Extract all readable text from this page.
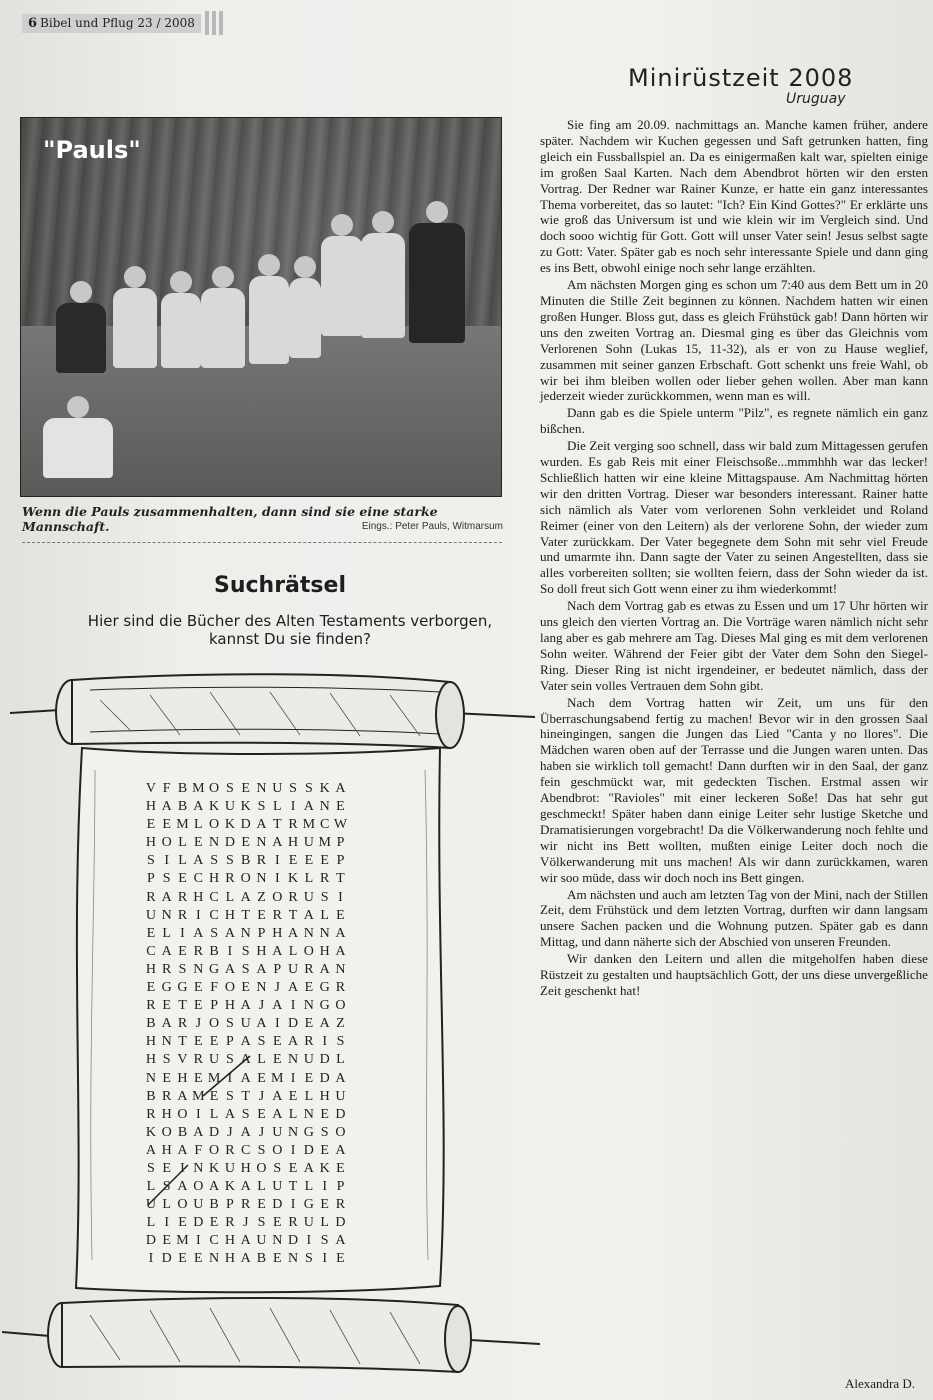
6 Bibel und Pflug 23 / 2008
"Pauls"
Wenn die Pauls zusammenhalten, dann sind sie eine starke Mannschaft.	Eings.: Peter Pauls, Witmarsum
Suchrätsel
Hier sind die Bücher des Alten Testaments verborgen,
kannst Du sie finden?
V F B M O S E N U S S K A
H A B A K U K S L I A N E
E E M L O K D A T R M C W
H O L E N D E N A H U M P
S I L A S S B R I E E E P
P S E C H R O N I K L R T
R A R H C L A Z O R U S I
U N R I C H T E R T A L E
E L I A S A N P H A N N A
C A E R B I S H A L O H A
H R S N G A S A P U R A N
E G G E F O E N J A E G R
R E T E P H A J A I N G O
B A R J O S U A I D E A Z
H N T E E P A S E A R I S
H S V R U S A L E N U D L
N E H E M I A E M I E D A
B R A M E S T J A E L H U
R H O I L A S E A L N E D
K O B A D J A J U N G S O
A H A F O R C S O I D E A
S E I N K U H O S E A K E
L S A O A K A L U T L I P
U L O U B P R E D I G E R
L I E D E R J S E R U L D
D E M I C H A U N D I S A
I D E E N H A B E N S I E
Minirüstzeit 2008
Uruguay

Sie fing am 20.09. nachmittags an. Manche kamen früher, andere später. Nachdem wir Kuchen gegessen und Saft getrunken hatten, fing gleich ein Fussballspiel an. Da es einigermaßen kalt war, spielten einige im großen Saal Karten. Nach dem Abendbrot hörten wir den ersten Vortrag. Der Redner war Rainer Kunze, er hatte ein ganz interessantes Thema vorbereitet, das so lautet: "Ich? Ein Kind Gottes?" Er erklärte uns wie groß das Universum ist und wie klein wir im Vergleich sind. Und doch sooo wichtig für Gott. Gott will unser Vater sein! Jesus selbst sagte zu Gott: Vater. Später gab es noch sehr interessante Spiele und dann ging es ins Bett, obwohl einige noch sehr lange erzählten.

Am nächsten Morgen ging es schon um 7:40 aus dem Bett um in 20 Minuten die Stille Zeit beginnen zu können. Nachdem hatten wir einen großen Hunger. Bloss gut, dass es gleich Frühstück gab! Dann hörten wir uns den zweiten Vortrag an. Diesmal ging es über das Gleichnis vom Verlorenen Sohn (Lukas 15, 11-32), als er von zu Hause weglief, zusammen mit seiner ganzen Erbschaft. Gott schenkt uns freie Wahl, ob wir bei ihm bleiben wollen oder lieber gehen wollen. Aber man kann jederzeit wieder zurückkommen, wenn man es will.

Dann gab es die Spiele unterm "Pilz", es regnete nämlich ein ganz bißchen.

Die Zeit verging soo schnell, dass wir bald zum Mittagessen gerufen wurden. Es gab Reis mit einer Fleischsoße...mmmhhh war das lecker! Schließlich hatten wir eine kleine Mittagspause. Am Nachmittag hörten wir den dritten Vortrag. Dieser war besonders interessant. Rainer hatte sich nämlich als Vater vom verlorenen Sohn verkleidet und Roland Reimer (einer von den Leitern) als der verlorene Sohn, der wieder zum Vater zurückkam. Der Vater begegnete dem Sohn mit sehr viel Freude und umarmte ihn. Dann sagte der Vater zu seinen Angestellten, dass sie alles vorbereiten sollten; sie wollten feiern, dass der Sohn wieder da ist. So doll freut sich Gott wenn einer zu ihm wiederkommt!

Nach dem Vortrag gab es etwas zu Essen und um 17 Uhr hörten wir uns gleich den vierten Vortrag an. Die Vorträge waren nämlich nicht sehr lang aber es gab mehrere am Tag. Dieses Mal ging es mit dem verlorenen Sohn weiter. Während der Feier gibt der Vater dem Sohn den Siegel-Ring. Dieser Ring ist nicht irgendeiner, er bedeutet nämlich, dass der Vater sein volles Vertrauen dem Sohn gibt.

Nach dem Vortrag hatten wir Zeit, um uns für den Überraschungsabend fertig zu machen! Bevor wir in den grossen Saal hineingingen, sangen die Jungen das Lied "Canta y no llores". Die Mädchen waren oben auf der Terrasse und die Jungen waren unten. Das haben sie wirklich toll gemacht! Dann durften wir in den Saal, der ganz fein geschmückt war, mit gedeckten Tischen. Erstmal assen wir Abendbrot: "Ravioles" mit einer leckeren Soße! Das hat sehr gut geschmeckt! Später haben dann einige Leiter sehr lustige Sketche und Dramatisierungen vorgebracht! Da die Völkerwanderung noch fehlte und wir nicht ins Bett wollten, mußten einige Leiter doch noch die Völkerwanderung mit uns machen! Als wir dann zurückkamen, waren wir soo müde, dass wir doch noch ins Bett gingen.

Am nächsten und auch am letzten Tag von der Mini, nach der Stillen Zeit, dem Frühstück und dem letzten Vortrag, durften wir dann langsam unsere Sachen packen und die Wohnung putzen. Später gab es dann Mittag, und dann näherte sich der Abschied von unseren Freunden.

Wir danken den Leitern und allen die mitgeholfen haben diese Rüstzeit zu gestalten und hauptsächlich Gott, der uns diese unvergeßliche Zeit geschenkt hat!

Alexandra D.
